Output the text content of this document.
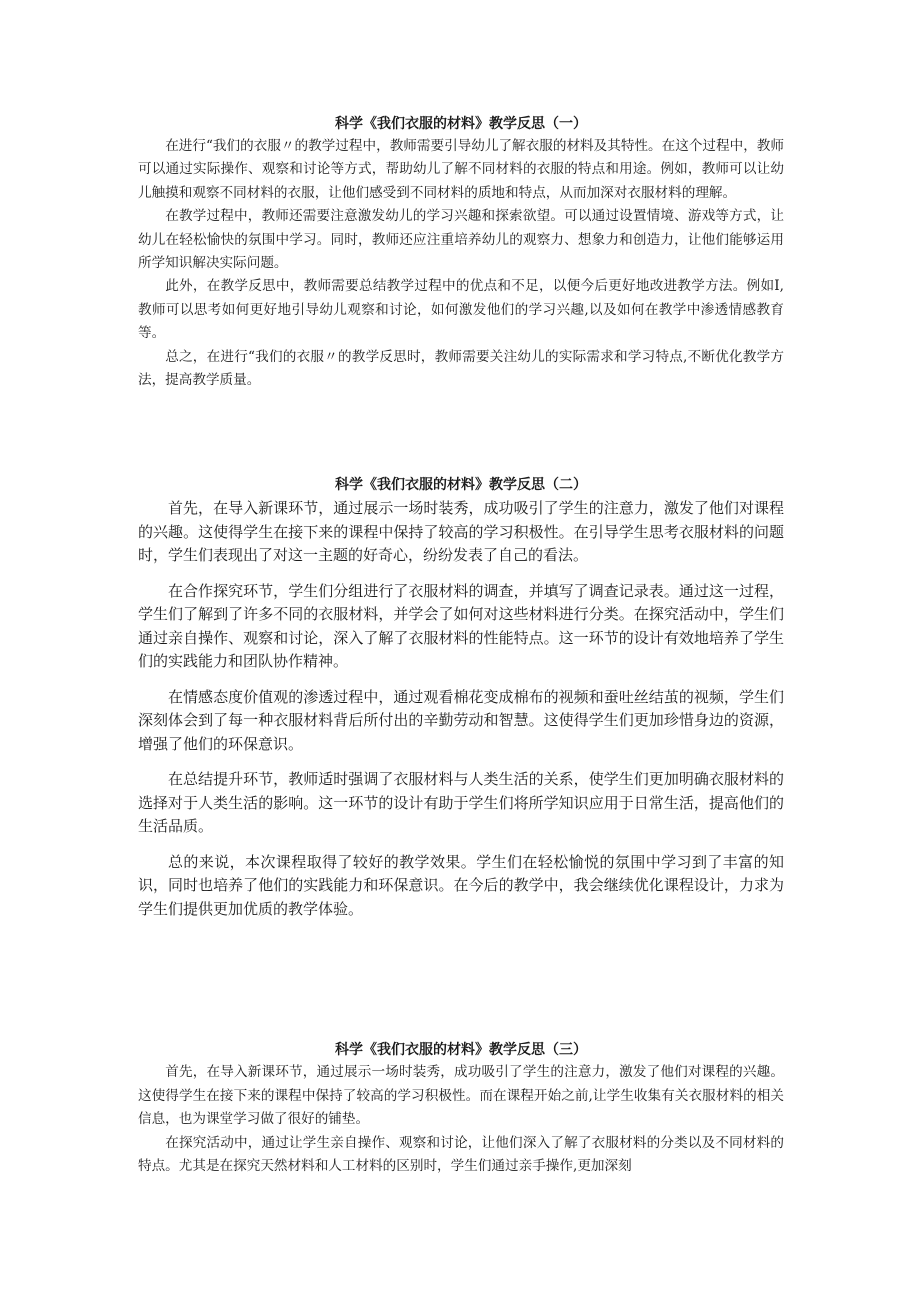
科学《我们衣服的材料》教学反思（一）

在进行“我们的衣服〃的教学过程中，教师需要引导幼儿了解衣服的材料及其特性。在这个过程中，教师可以通过实际操作、观察和讨论等方式，帮助幼儿了解不同材料的衣服的特点和用途。例如，教师可以让幼儿触摸和观察不同材料的衣服，让他们感受到不同材料的质地和特点，从而加深对衣服材料的理解。

在教学过程中，教师还需要注意激发幼儿的学习兴趣和探索欲望。可以通过设置情境、游戏等方式，让幼儿在轻松愉快的氛围中学习。同时，教师还应注重培养幼儿的观察力、想象力和创造力，让他们能够运用所学知识解决实际问题。

此外，在教学反思中，教师需要总结教学过程中的优点和不足，以便今后更好地改进教学方法。例如I,教师可以思考如何更好地引导幼儿观察和讨论，如何激发他们的学习兴趣,以及如何在教学中渗透情感教育等。

总之，在进行“我们的衣服〃的教学反思时，教师需要关注幼儿的实际需求和学习特点,不断优化教学方法，提高教学质量。

科学《我们衣服的材料》教学反思（二）

首先，在导入新课环节，通过展示一场时装秀，成功吸引了学生的注意力，激发了他们对课程的兴趣。这使得学生在接下来的课程中保持了较高的学习积极性。在引导学生思考衣服材料的问题时，学生们表现出了对这一主题的好奇心，纷纷发表了自己的看法。

在合作探究环节，学生们分组进行了衣服材料的调查，并填写了调查记录表。通过这一过程，学生们了解到了许多不同的衣服材料，并学会了如何对这些材料进行分类。在探究活动中，学生们通过亲自操作、观察和讨论，深入了解了衣服材料的性能特点。这一环节的设计有效地培养了学生们的实践能力和团队协作精神。

在情感态度价值观的渗透过程中，通过观看棉花变成棉布的视频和蚕吐丝结茧的视频，学生们深刻体会到了每一种衣服材料背后所付出的辛勤劳动和智慧。这使得学生们更加珍惜身边的资源，增强了他们的环保意识。

在总结提升环节，教师适时强调了衣服材料与人类生活的关系，使学生们更加明确衣服材料的选择对于人类生活的影响。这一环节的设计有助于学生们将所学知识应用于日常生活，提高他们的生活品质。

总的来说，本次课程取得了较好的教学效果。学生们在轻松愉悦的氛围中学习到了丰富的知识，同时也培养了他们的实践能力和环保意识。在今后的教学中，我会继续优化课程设计，力求为学生们提供更加优质的教学体验。

科学《我们衣服的材料》教学反思（三）

首先，在导入新课环节，通过展示一场时装秀，成功吸引了学生的注意力，激发了他们对课程的兴趣。这使得学生在接下来的课程中保持了较高的学习积极性。而在课程开始之前,让学生收集有关衣服材料的相关信息，也为课堂学习做了很好的铺垫。

在探究活动中，通过让学生亲自操作、观察和讨论，让他们深入了解了衣服材料的分类以及不同材料的特点。尤其是在探究天然材料和人工材料的区别时，学生们通过亲手操作,更加深刻
